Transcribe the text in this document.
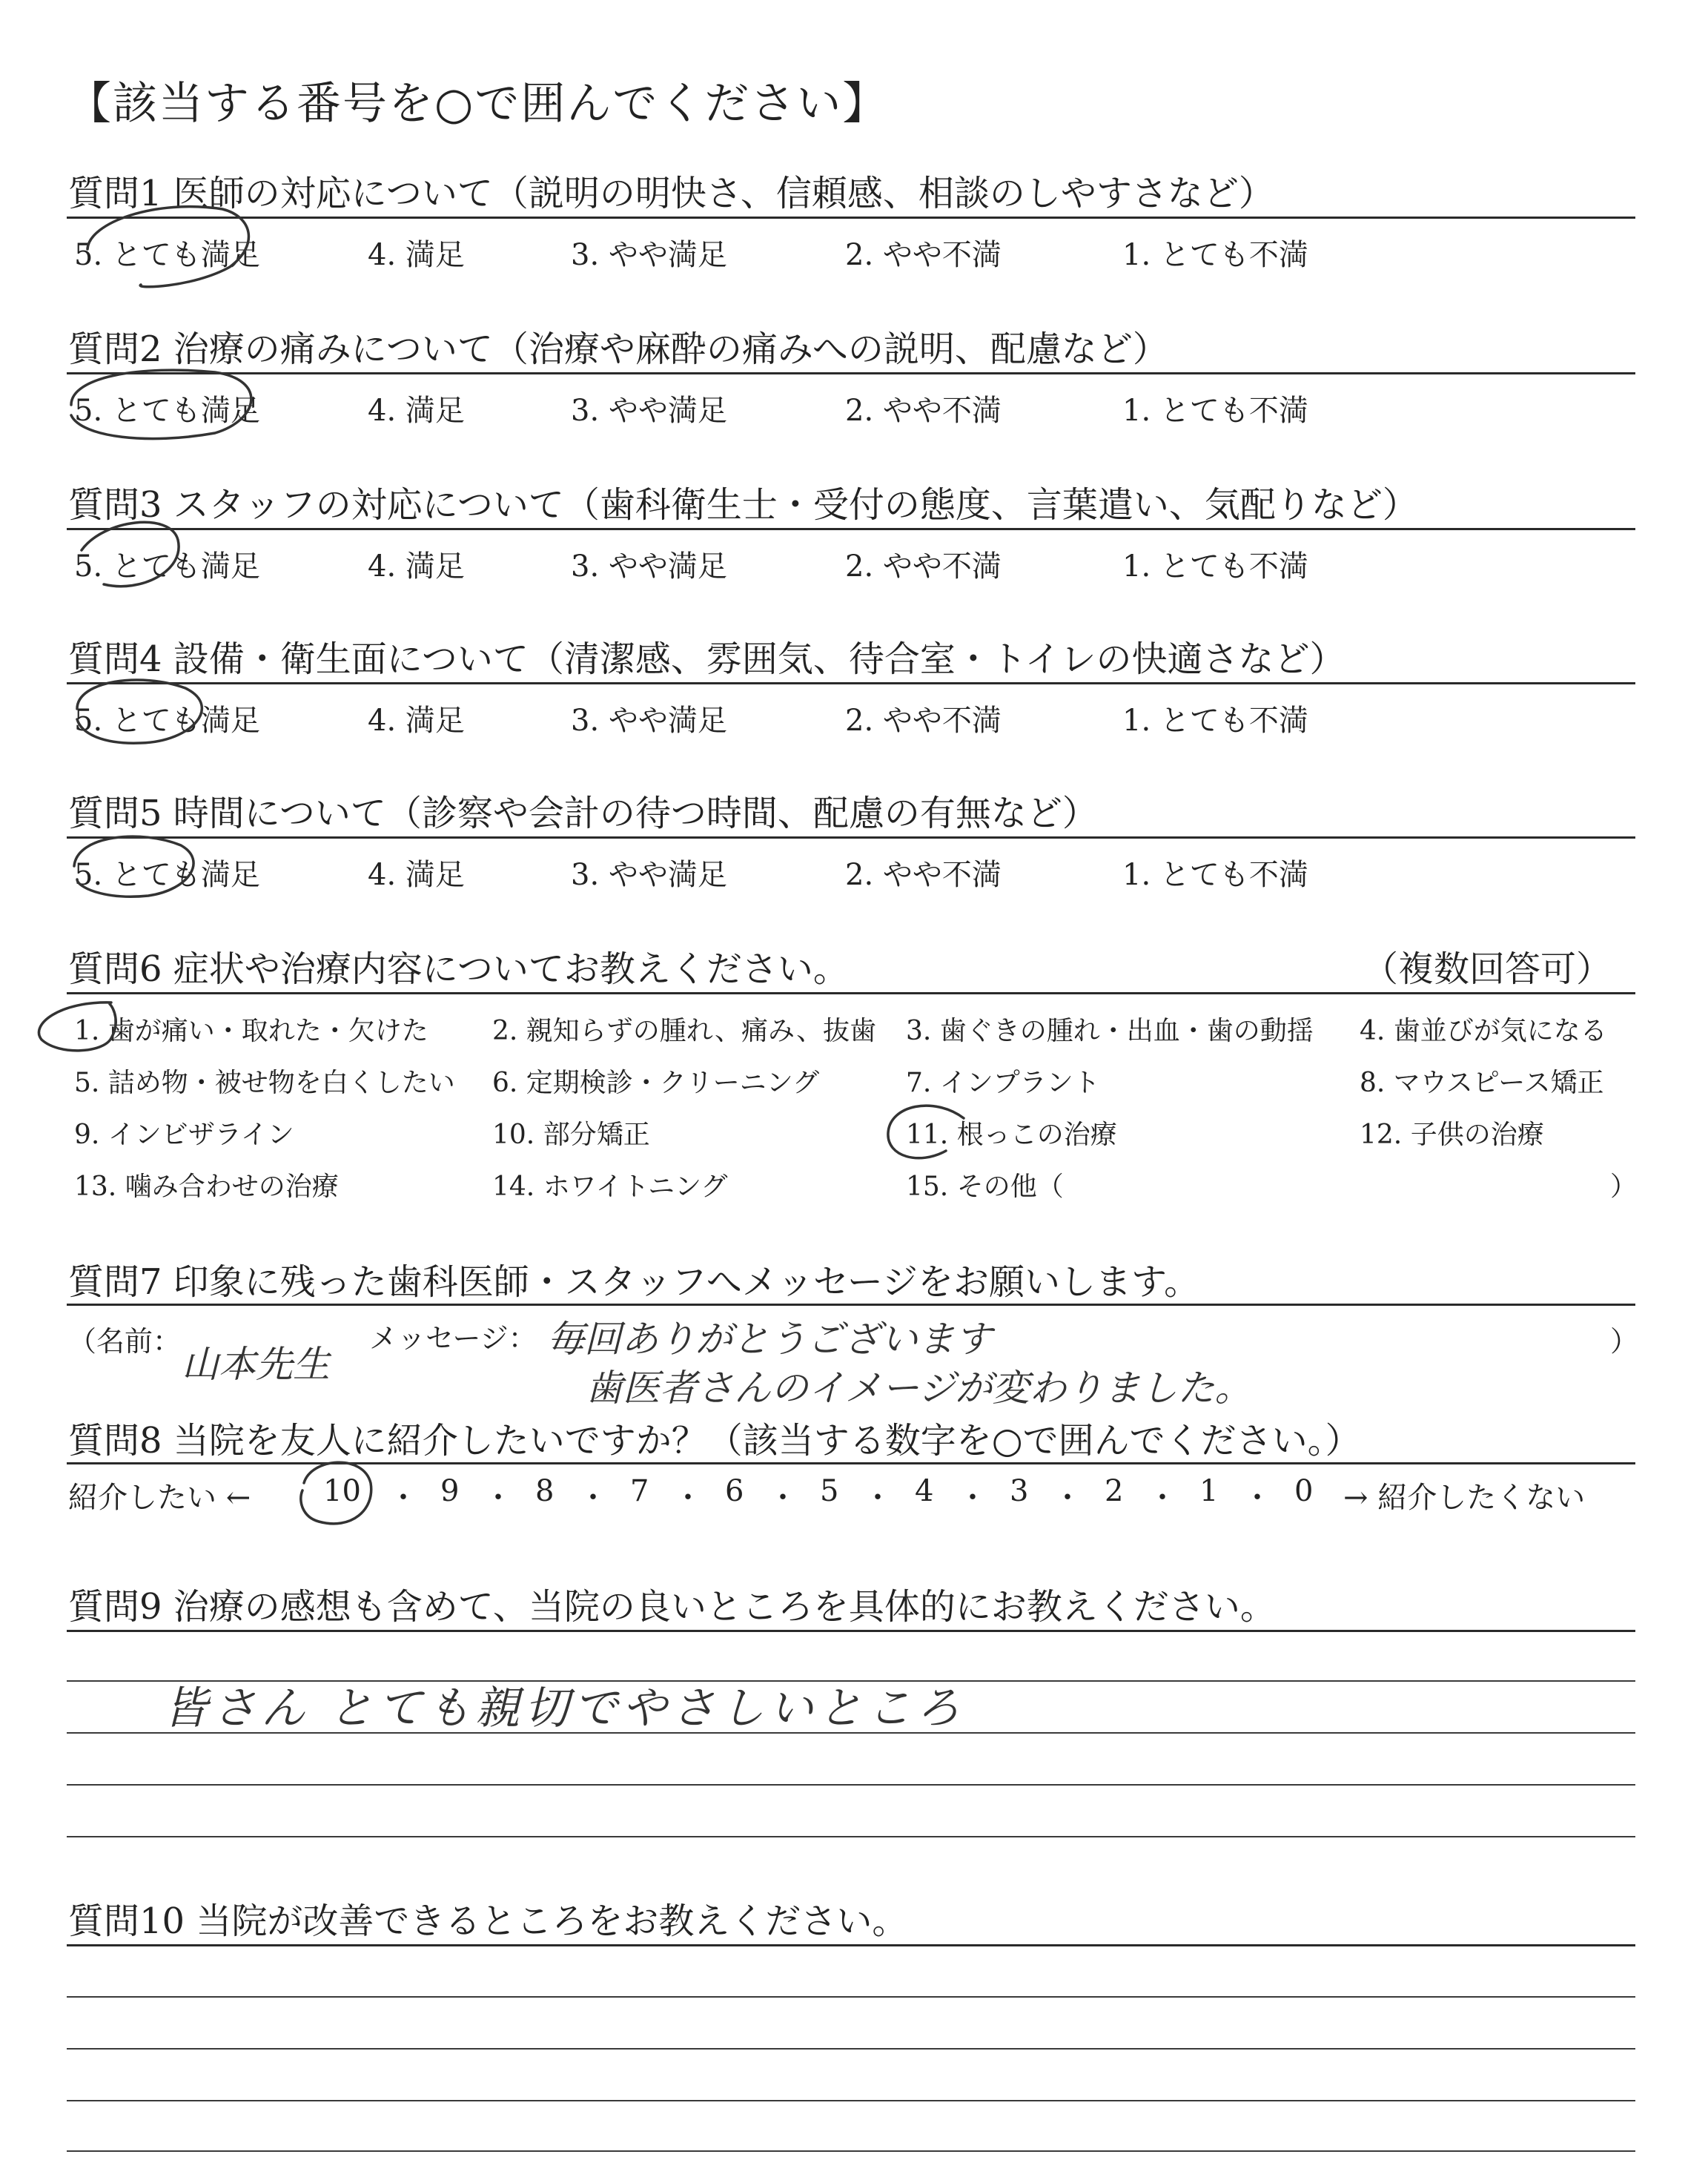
【該当する番号を○で囲んでください】
質問1 医師の対応について（説明の明快さ、信頼感、相談のしやすさなど）
5. とても満足	4. 満足	3. やや満足	2. やや不満	1. とても不満
質問2 治療の痛みについて（治療や麻酔の痛みへの説明、配慮など）
5. とても満足	4. 満足	3. やや満足	2. やや不満	1. とても不満
質問3 スタッフの対応について（歯科衛生士・受付の態度、言葉遣い、気配りなど）
5. とても満足	4. 満足	3. やや満足	2. やや不満	1. とても不満
質問4 設備・衛生面について（清潔感、雰囲気、待合室・トイレの快適さなど）
5. とても満足	4. 満足	3. やや満足	2. やや不満	1. とても不満
質問5 時間について（診察や会計の待つ時間、配慮の有無など）
5. とても満足	4. 満足	3. やや満足	2. やや不満	1. とても不満
質問6 症状や治療内容についてお教えください。	（複数回答可）
1. 歯が痛い・取れた・欠けた 2. 親知らずの腫れ、痛み、抜歯 3. 歯ぐきの腫れ・出血・歯の動揺 4. 歯並びが気になる
5. 詰め物・被せ物を白くしたい 6. 定期検診・クリーニング	7. インプラント	8. マウスピース矯正
9. インビザライン	10. 部分矯正	11. 根っこの治療	12. 子供の治療
13. 噛み合わせの治療	14. ホワイトニング	15. その他（	）
質問7 印象に残った歯科医師・スタッフへメッセージをお願いします。
（名前：
山本先生
メッセージ： 毎回ありがとうございます
歯医者さんのイメージが変わりました。
）
質問8 当院を友人に紹介したいですか？（該当する数字を○で囲んでください。）
紹介したい ← 10 ・ 9 ・ 8 ・ 7 ・ 6 ・ 5 ・ 4 ・ 3 ・ 2 ・ 1 ・ 0 → 紹介したくない
質問9 治療の感想も含めて、当院の良いところを具体的にお教えください。
皆さん とても親切でやさしいところ
質問10 当院が改善できるところをお教えください。
